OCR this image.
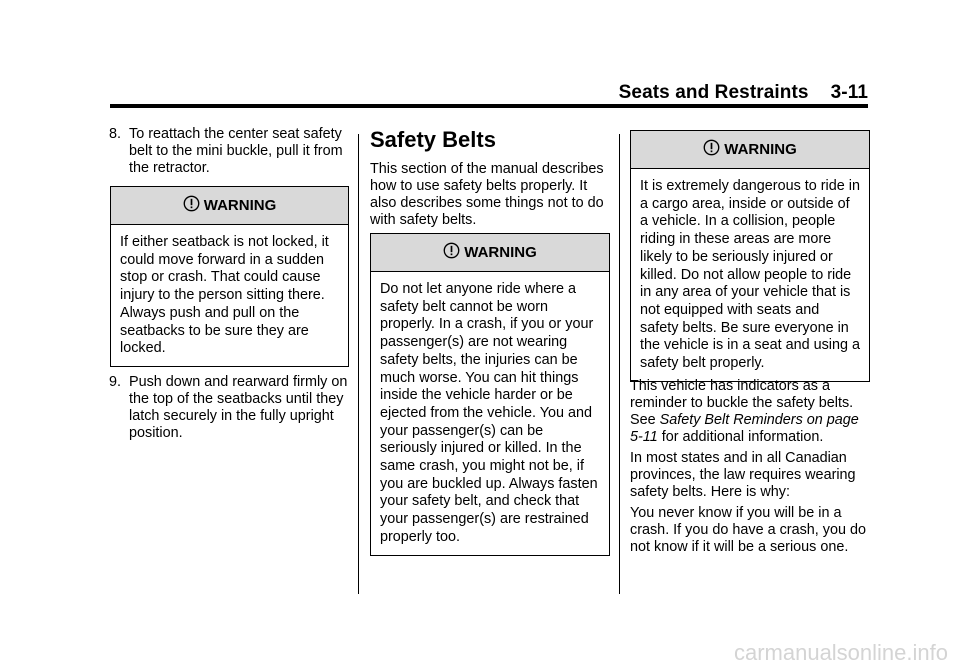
Seats and Restraints 3-11
8. To reattach the center seat safety belt to the mini buckle, pull it from the retractor.
WARNING
If either seatback is not locked, it could move forward in a sudden stop or crash. That could cause injury to the person sitting there. Always push and pull on the seatbacks to be sure they are locked.
9. Push down and rearward firmly on the top of the seatbacks until they latch securely in the fully upright position.
Safety Belts

This section of the manual describes how to use safety belts properly. It also describes some things not to do with safety belts.

WARNING
Do not let anyone ride where a safety belt cannot be worn properly. In a crash, if you or your passenger(s) are not wearing safety belts, the injuries can be much worse. You can hit things inside the vehicle harder or be ejected from the vehicle. You and your passenger(s) can be seriously injured or killed. In the same crash, you might not be, if you are buckled up. Always fasten your safety belt, and check that your passenger(s) are restrained properly too.
WARNING
It is extremely dangerous to ride in a cargo area, inside or outside of a vehicle. In a collision, people riding in these areas are more likely to be seriously injured or killed. Do not allow people to ride in any area of your vehicle that is not equipped with seats and safety belts. Be sure everyone in the vehicle is in a seat and using a safety belt properly.

This vehicle has indicators as a reminder to buckle the safety belts. See Safety Belt Reminders on page 5-11 for additional information.

In most states and in all Canadian provinces, the law requires wearing safety belts. Here is why:

You never know if you will be in a crash. If you do have a crash, you do not know if it will be a serious one.

carmanualsonline.info
